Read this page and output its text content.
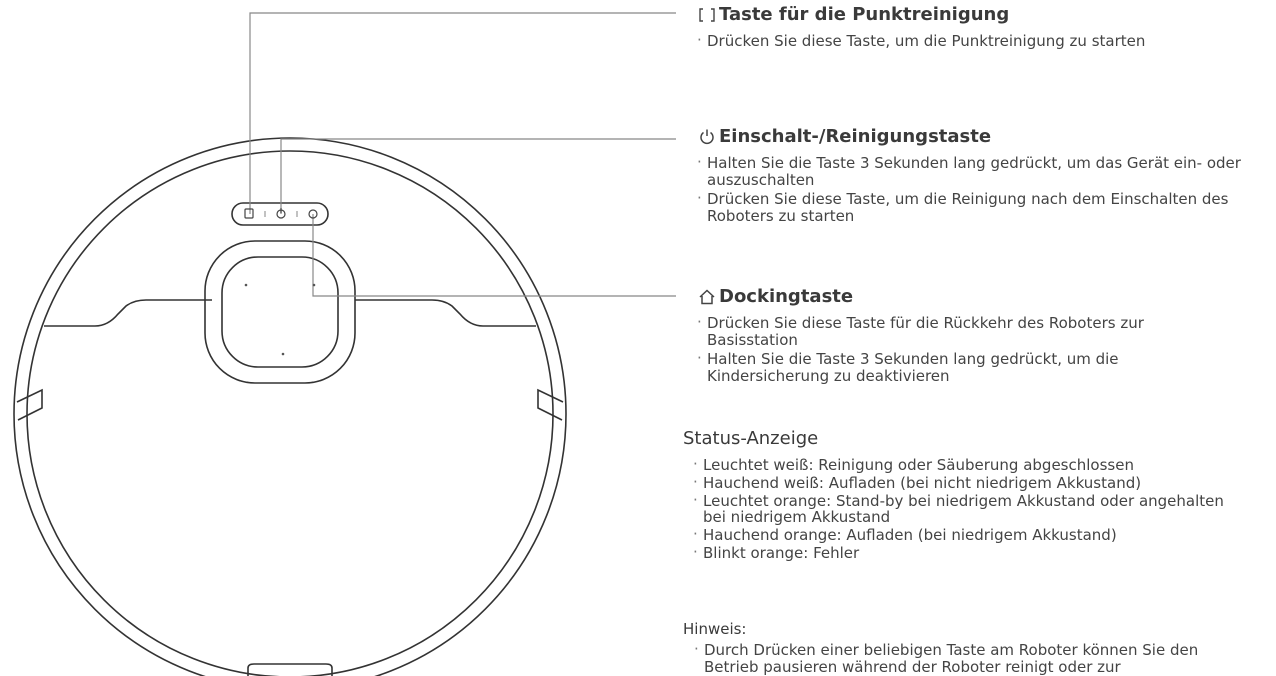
Taste für die Punktreinigung
· Drücken Sie diese Taste, um die Punktreinigung zu starten
Einschalt-/Reinigungstaste
· Halten Sie die Taste 3 Sekunden lang gedrückt, um das Gerät ein- oder auszuschalten
· Drücken Sie diese Taste, um die Reinigung nach dem Einschalten des Roboters zu starten
Dockingtaste
· Drücken Sie diese Taste für die Rückkehr des Roboters zur Basisstation
· Halten Sie die Taste 3 Sekunden lang gedrückt, um die Kindersicherung zu deaktivieren
Status-Anzeige
· Leuchtet weiß: Reinigung oder Säuberung abgeschlossen
· Hauchend weiß: Aufladen (bei nicht niedrigem Akkustand)
· Leuchtet orange: Stand-by bei niedrigem Akkustand oder angehalten bei niedrigem Akkustand
· Hauchend orange: Aufladen (bei niedrigem Akkustand)
· Blinkt orange: Fehler
Hinweis:
· Durch Drücken einer beliebigen Taste am Roboter können Sie den Betrieb pausieren während der Roboter reinigt oder zur
